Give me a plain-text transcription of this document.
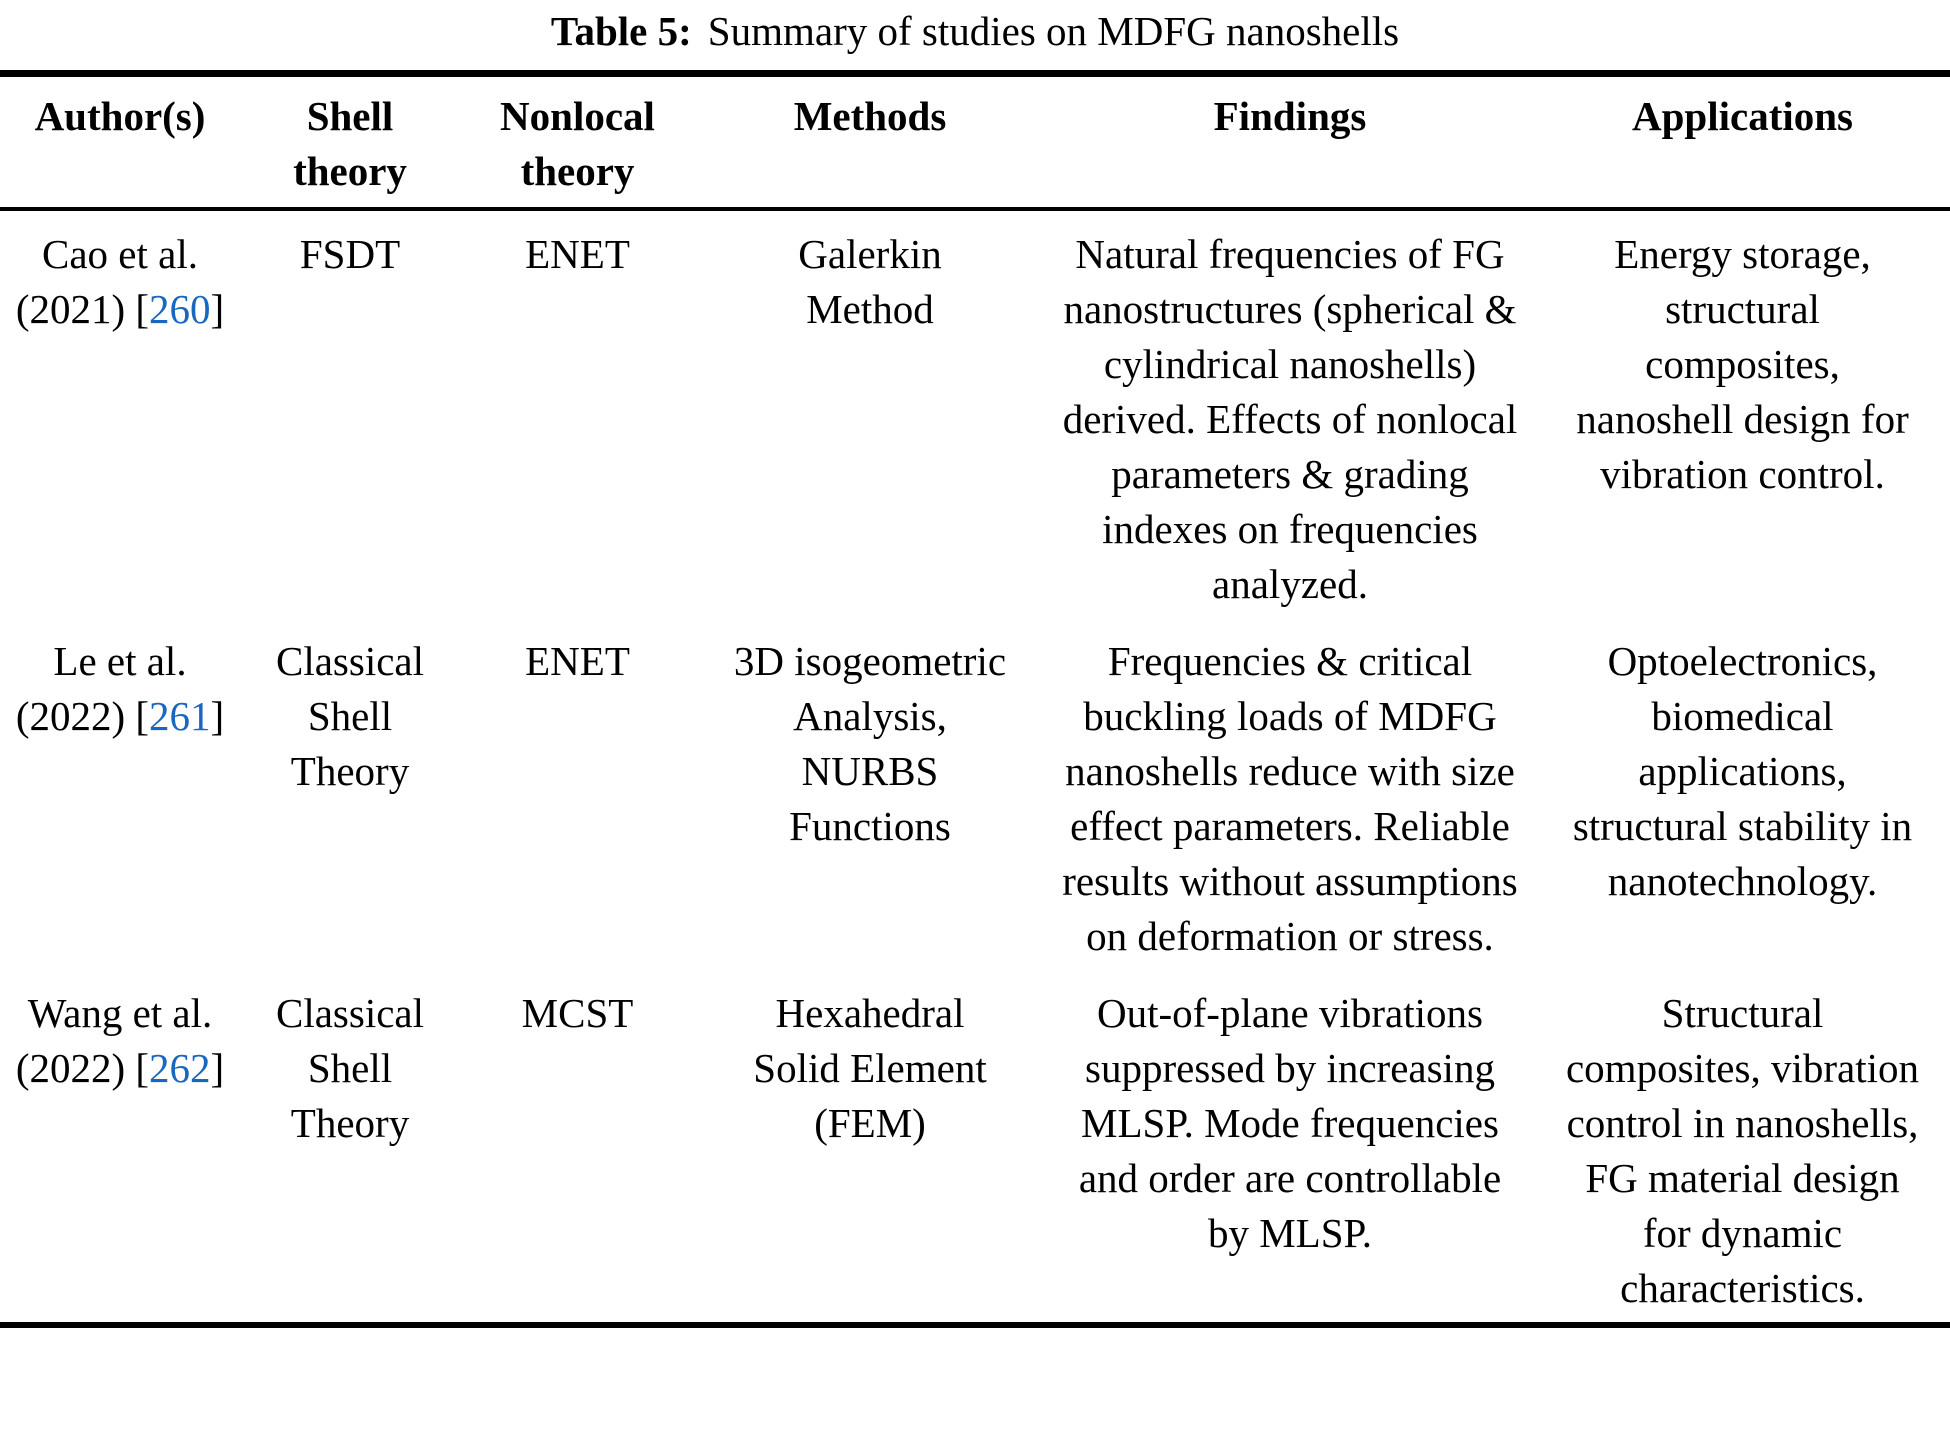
Table 5: Summary of studies on MDFG nanoshells
Author(s)	Shell theory	Nonlocal theory	Methods	Findings	Applications
Cao et al. (2021) [260]	FSDT	ENET	Galerkin Method	Natural frequencies of FG nanostructures (spherical & cylindrical nanoshells) derived. Effects of nonlocal parameters & grading indexes on frequencies analyzed.	Energy storage, structural composites, nanoshell design for vibration control.
Le et al. (2022) [261]	Classical Shell Theory	ENET	3D isogeometric Analysis, NURBS Functions	Frequencies & critical buckling loads of MDFG nanoshells reduce with size effect parameters. Reliable results without assumptions on deformation or stress.	Optoelectronics, biomedical applications, structural stability in nanotechnology.
Wang et al. (2022) [262]	Classical Shell Theory	MCST	Hexahedral Solid Element (FEM)	Out-of-plane vibrations suppressed by increasing MLSP. Mode frequencies and order are controllable by MLSP.	Structural composites, vibration control in nanoshells, FG material design for dynamic characteristics.
